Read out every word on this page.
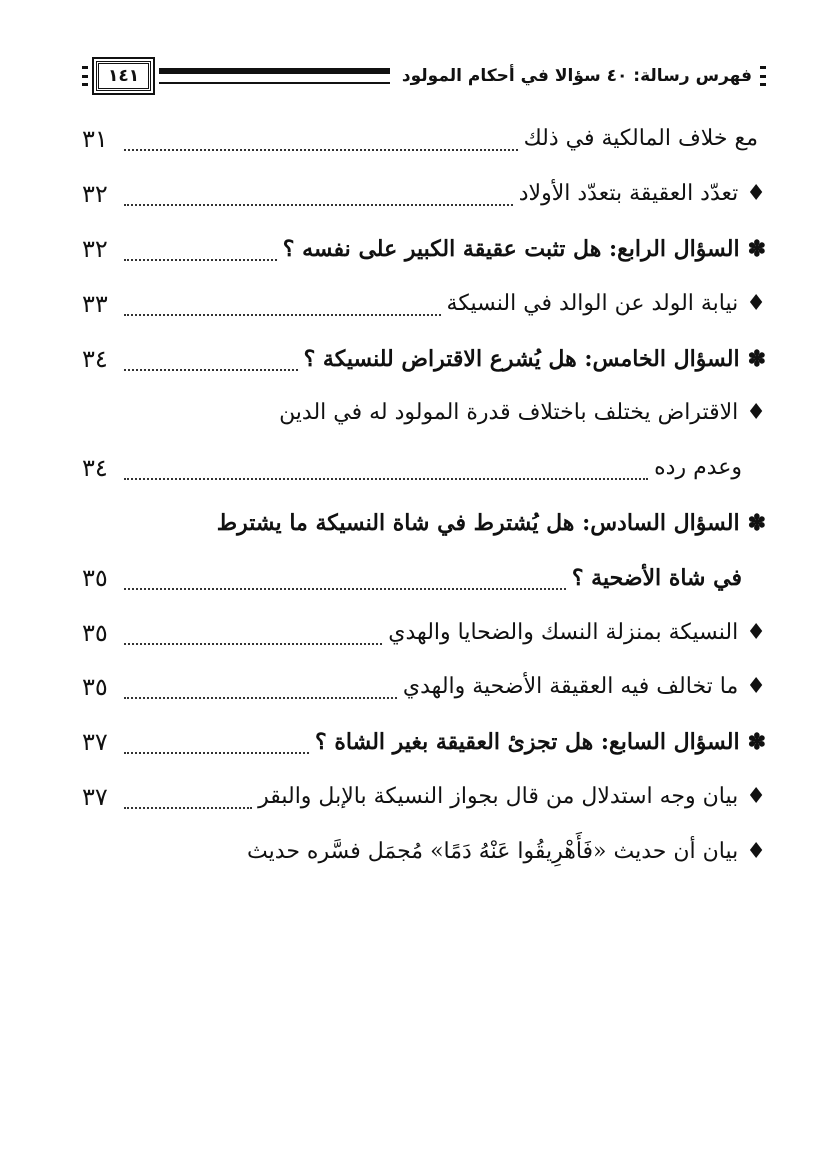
فهرس رسالة: ٤٠ سؤالا في أحكام المولود
١٤١
مع خلاف المالكية في ذلك
٣١
♦تعدّد العقيقة بتعدّد الأولاد
٣٢
✽السؤال الرابع: هل تثبت عقيقة الكبير على نفسه ؟
٣٢
♦نيابة الولد عن الوالد في النسيكة
٣٣
✽السؤال الخامس: هل يُشرع الاقتراض للنسيكة ؟
٣٤
♦الاقتراض يختلف باختلاف قدرة المولود له في الدين
وعدم رده
٣٤
✽السؤال السادس: هل يُشترط في شاة النسيكة ما يشترط
في شاة الأضحية ؟
٣٥
♦النسيكة بمنزلة النسك والضحايا والهدي
٣٥
♦ما تخالف فيه العقيقة الأضحية والهدي
٣٥
✽السؤال السابع: هل تجزئ العقيقة بغير الشاة ؟
٣٧
♦بيان وجه استدلال من قال بجواز النسيكة بالإبل والبقر
٣٧
♦بيان أن حديث «فَأَهْرِيقُوا عَنْهُ دَمًا» مُجمَل فسَّره حديث
